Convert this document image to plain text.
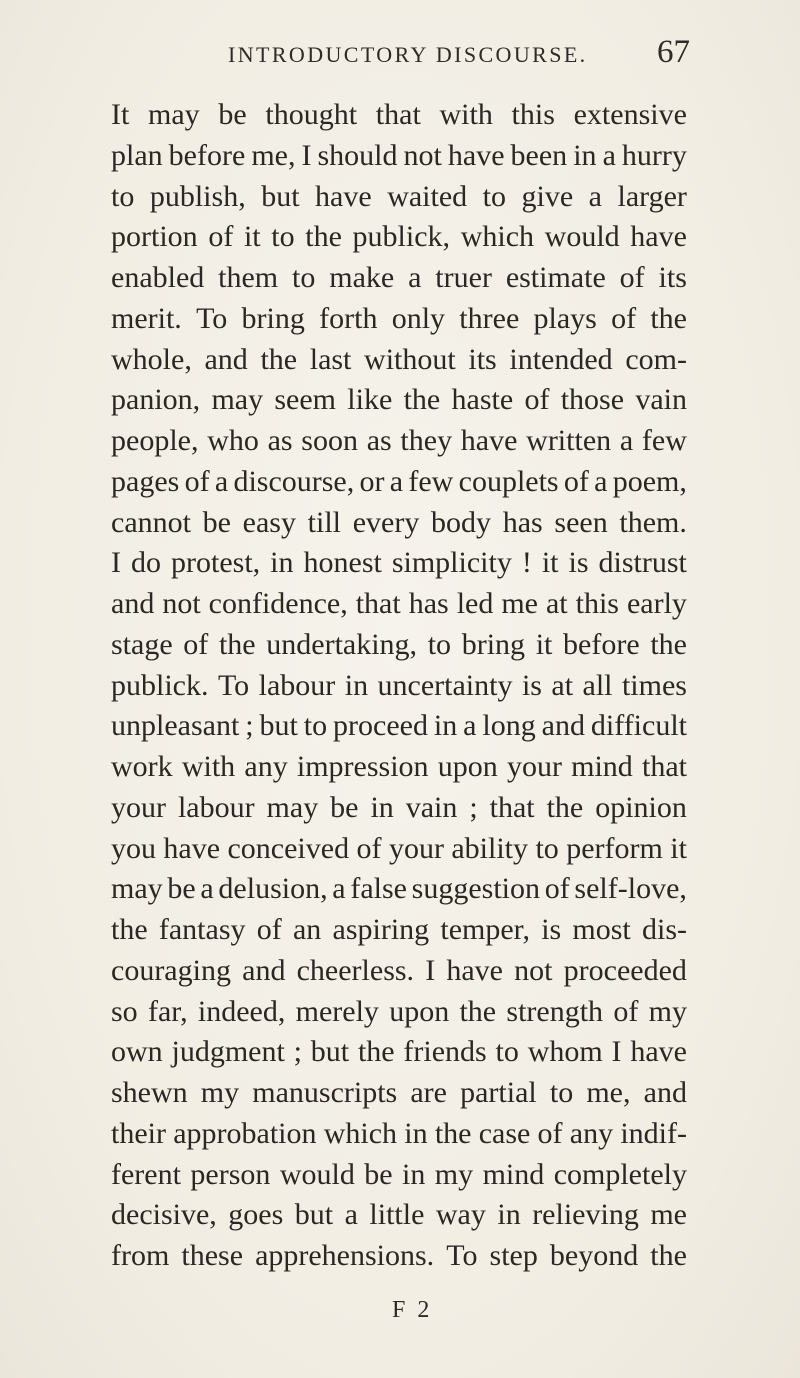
INTRODUCTORY DISCOURSE. 67
It may be thought that with this extensive
plan before me, I should not have been in a hurry
to publish, but have waited to give a larger
portion of it to the publick, which would have
enabled them to make a truer estimate of its
merit. To bring forth only three plays of the
whole, and the last without its intended com-
panion, may seem like the haste of those vain
people, who as soon as they have written a few
pages of a discourse, or a few couplets of a poem,
cannot be easy till every body has seen them.
I do protest, in honest simplicity ! it is distrust
and not confidence, that has led me at this early
stage of the undertaking, to bring it before the
publick. To labour in uncertainty is at all times
unpleasant ; but to proceed in a long and difficult
work with any impression upon your mind that
your labour may be in vain ; that the opinion
you have conceived of your ability to perform it
may be a delusion, a false suggestion of self-love,
the fantasy of an aspiring temper, is most dis-
couraging and cheerless. I have not proceeded
so far, indeed, merely upon the strength of my
own judgment ; but the friends to whom I have
shewn my manuscripts are partial to me, and
their approbation which in the case of any indif-
ferent person would be in my mind completely
decisive, goes but a little way in relieving me
from these apprehensions. To step beyond the
F 2
